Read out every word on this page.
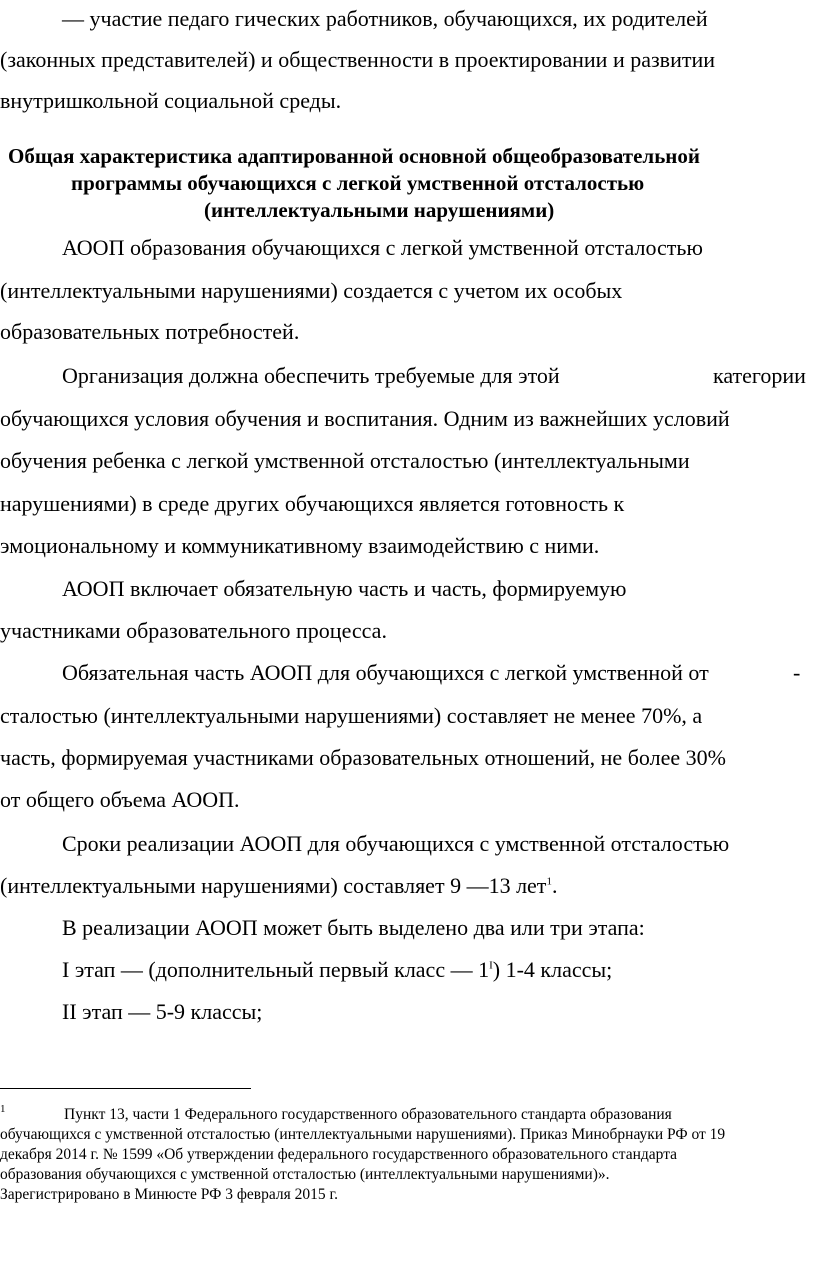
— участие педаго гических работников, обучающихся, их родителей
(законных представителей) и общественности в проектировании и развитии
внутришкольной социальной среды.
Общая характеристика адаптированной основной общеобразовательной
программы обучающихся с легкой умственной отсталостью
(интеллектуальными нарушениями)
АООП образования обучающихся с легкой умственной отсталостью
(интеллектуальными нарушениями) создается с учетом их особых
образовательных потребностей.
Организация должна обеспечить требуемые для этой	категории
обучающихся условия обучения и воспитания. Одним из важнейших условий
обучения ребенка с легкой умственной отсталостью (интеллектуальными
нарушениями) в среде других обучающихся является готовность к
эмоциональному и коммуникативному взаимодействию с ними.
АООП включает обязательную часть и часть, формируемую
участниками образовательного процесса.
Обязательная часть АООП для обучающихся с легкой умственной от	-
сталостью (интеллектуальными нарушениями) составляет не менее 70%, а
часть, формируемая участниками образовательных отношений, не более 30%
от общего объема АООП.
Сроки реализации АООП для обучающихся с умственной отсталостью
(интеллектуальными нарушениями) составляет 9 —13 лет$^1$.
В реализации АООП может быть выделено два или три этапа:
I этап — (дополнительный первый класс — $1^I$) 1-4 классы;
II этап — 5-9 классы;
1	Пункт 13, части 1 Федерального государственного образовательного стандарта образования
обучающихся с умственной отсталостью (интеллектуальными нарушениями). Приказ Минобрнауки РФ от 19
декабря 2014 г. № 1599 «Об утверждении федерального государственного образовательного стандарта
образования обучающихся с умственной отсталостью (интеллектуальными нарушениями)».
Зарегистрировано в Минюсте РФ 3 февраля 2015 г.
